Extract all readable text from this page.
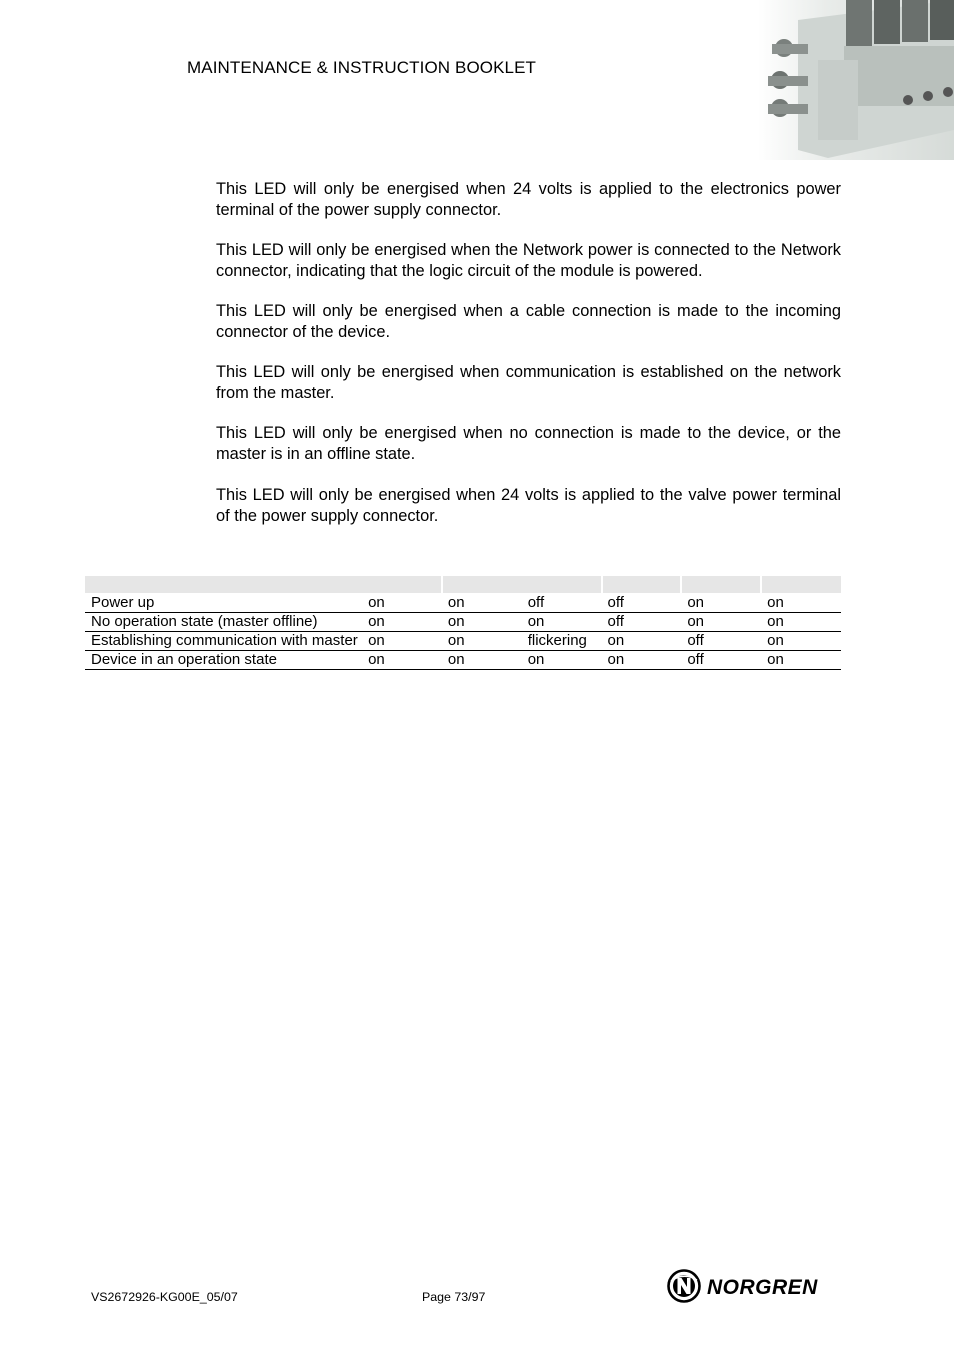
MAINTENANCE & INSTRUCTION BOOKLET

This LED will only be energised when 24 volts is applied to the electronics power terminal of the power supply connector.

This LED will only be energised when the Network power is connected to the Network connector, indicating that the logic circuit of the module is powered.

This LED will only be energised when a cable connection is made to the incoming connector of the device.

This LED will only be energised when communication is established on the network from the master.

This LED will only be energised when no connection is made to the device, or the master is in an offline state.

This LED will only be energised when 24 volts is applied to the valve power terminal of the power supply connector.

Power up	on	on	off	off	on	on
No operation state (master offline)	on	on	on	off	on	on
Establishing communication with master	on	on	flickering	on	off	on
Device in an operation state	on	on	on	on	off	on
VS2672926-KG00E_05/07	Page 73/97	NORGREN
